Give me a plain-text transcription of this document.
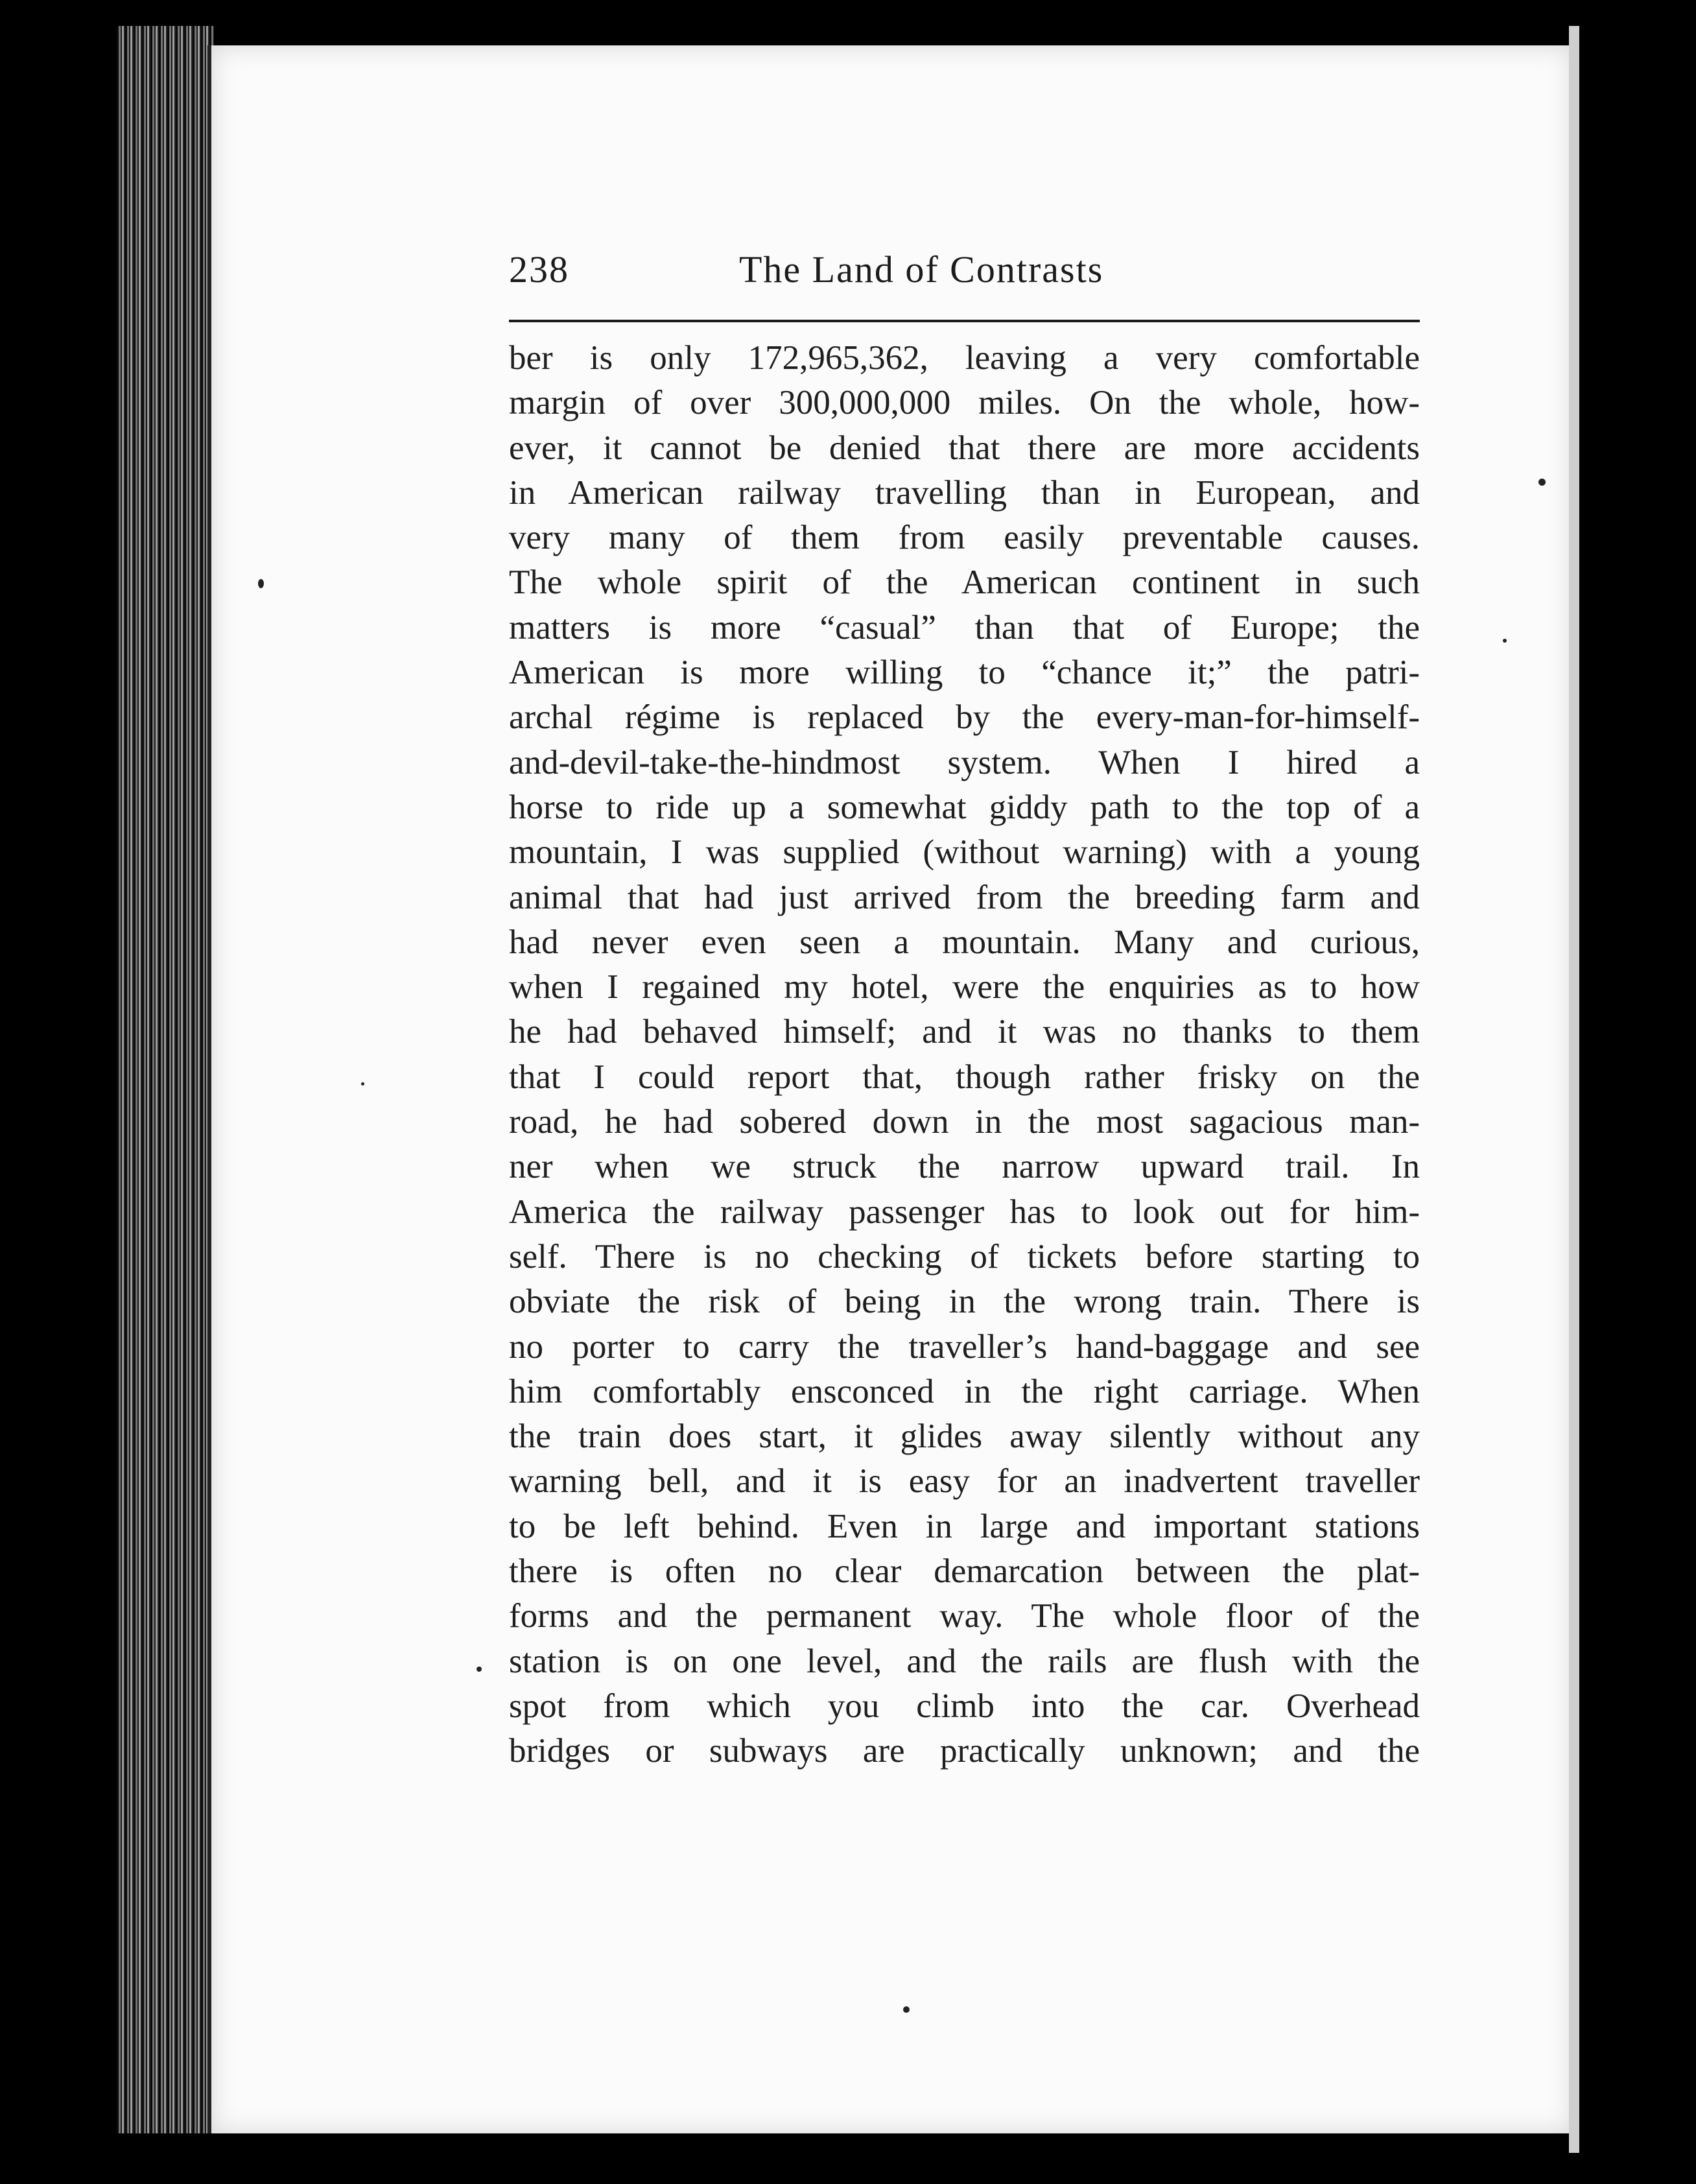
238	The Land of Contrasts
ber is only 172,965,362, leaving a very comfortable
margin of over 300,000,000 miles. On the whole, how-
ever, it cannot be denied that there are more accidents
in American railway travelling than in European, and
very many of them from easily preventable causes.
The whole spirit of the American continent in such
matters is more “casual” than that of Europe; the
American is more willing to “chance it;” the patri-
archal régime is replaced by the every-man-for-himself-
and-devil-take-the-hindmost system. When I hired a
horse to ride up a somewhat giddy path to the top of a
mountain, I was supplied (without warning) with a young
animal that had just arrived from the breeding farm and
had never even seen a mountain. Many and curious,
when I regained my hotel, were the enquiries as to how
he had behaved himself; and it was no thanks to them
that I could report that, though rather frisky on the
road, he had sobered down in the most sagacious man-
ner when we struck the narrow upward trail. In
America the railway passenger has to look out for him-
self. There is no checking of tickets before starting to
obviate the risk of being in the wrong train. There is
no porter to carry the traveller’s hand-baggage and see
him comfortably ensconced in the right carriage. When
the train does start, it glides away silently without any
warning bell, and it is easy for an inadvertent traveller
to be left behind. Even in large and important stations
there is often no clear demarcation between the plat-
forms and the permanent way. The whole floor of the
station is on one level, and the rails are flush with the
spot from which you climb into the car. Overhead
bridges or subways are practically unknown; and the
